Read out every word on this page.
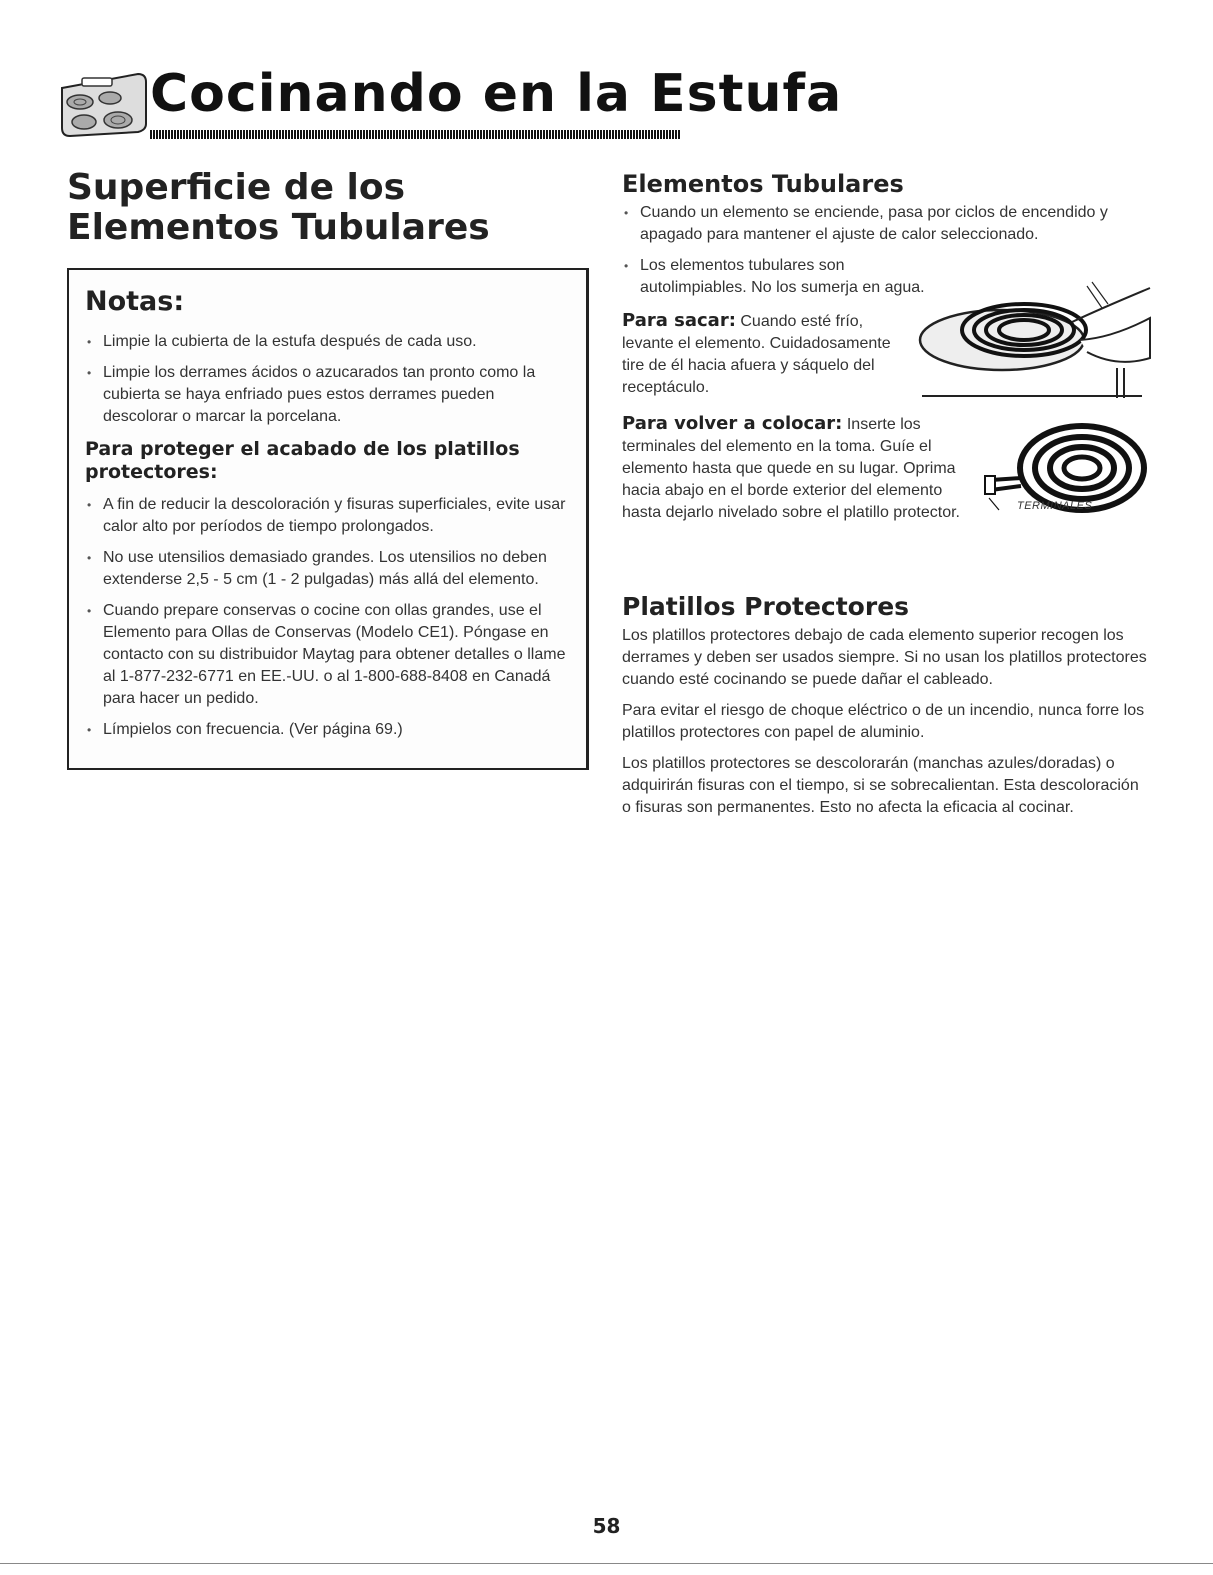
Cocinando en la Estufa
Superficie de los
Elementos Tubulares
Notas:
• Limpie la cubierta de la estufa después de cada uso.
• Limpie los derrames ácidos o azucarados tan pronto como la cubierta se haya enfriado pues estos derrames pueden descolorar o marcar la porcelana.
Para proteger el acabado de los platillos protectores:
• A fin de reducir la descoloración y fisuras superficiales, evite usar calor alto por períodos de tiempo prolongados.
• No use utensilios demasiado grandes. Los utensilios no deben extenderse 2,5 - 5 cm (1 - 2 pulgadas) más allá del elemento.
• Cuando prepare conservas o cocine con ollas grandes, use el Elemento para Ollas de Conservas (Modelo CE1). Póngase en contacto con su distribuidor Maytag para obtener detalles o llame al 1-877-232-6771 en EE.-UU. o al 1-800-688-8408 en Canadá para hacer un pedido.
• Límpielos con frecuencia. (Ver página 69.)
Elementos Tubulares
• Cuando un elemento se enciende, pasa por ciclos de encendido y apagado para mantener el ajuste de calor seleccionado.
• Los elementos tubulares son autolimpiables. No los sumerja en agua.

Para sacar: Cuando esté frío, levante el elemento. Cuidadosamente tire de él hacia afuera y sáquelo del receptáculo.

Para volver a colocar: Inserte los terminales del elemento en la toma. Guíe el elemento hasta que quede en su lugar. Oprima hacia abajo en el borde exterior del elemento hasta dejarlo nivelado sobre el platillo protector.	TERMINALES
Platillos Protectores

Los platillos protectores debajo de cada elemento superior recogen los derrames y deben ser usados siempre. Si no usan los platillos protectores cuando esté cocinando se puede dañar el cableado.

Para evitar el riesgo de choque eléctrico o de un incendio, nunca forre los platillos protectores con papel de aluminio.

Los platillos protectores se descolorarán (manchas azules/doradas) o adquirirán fisuras con el tiempo, si se sobrecalientan. Esta descoloración o fisuras son permanentes. Esto no afecta la eficacia al cocinar.

58
